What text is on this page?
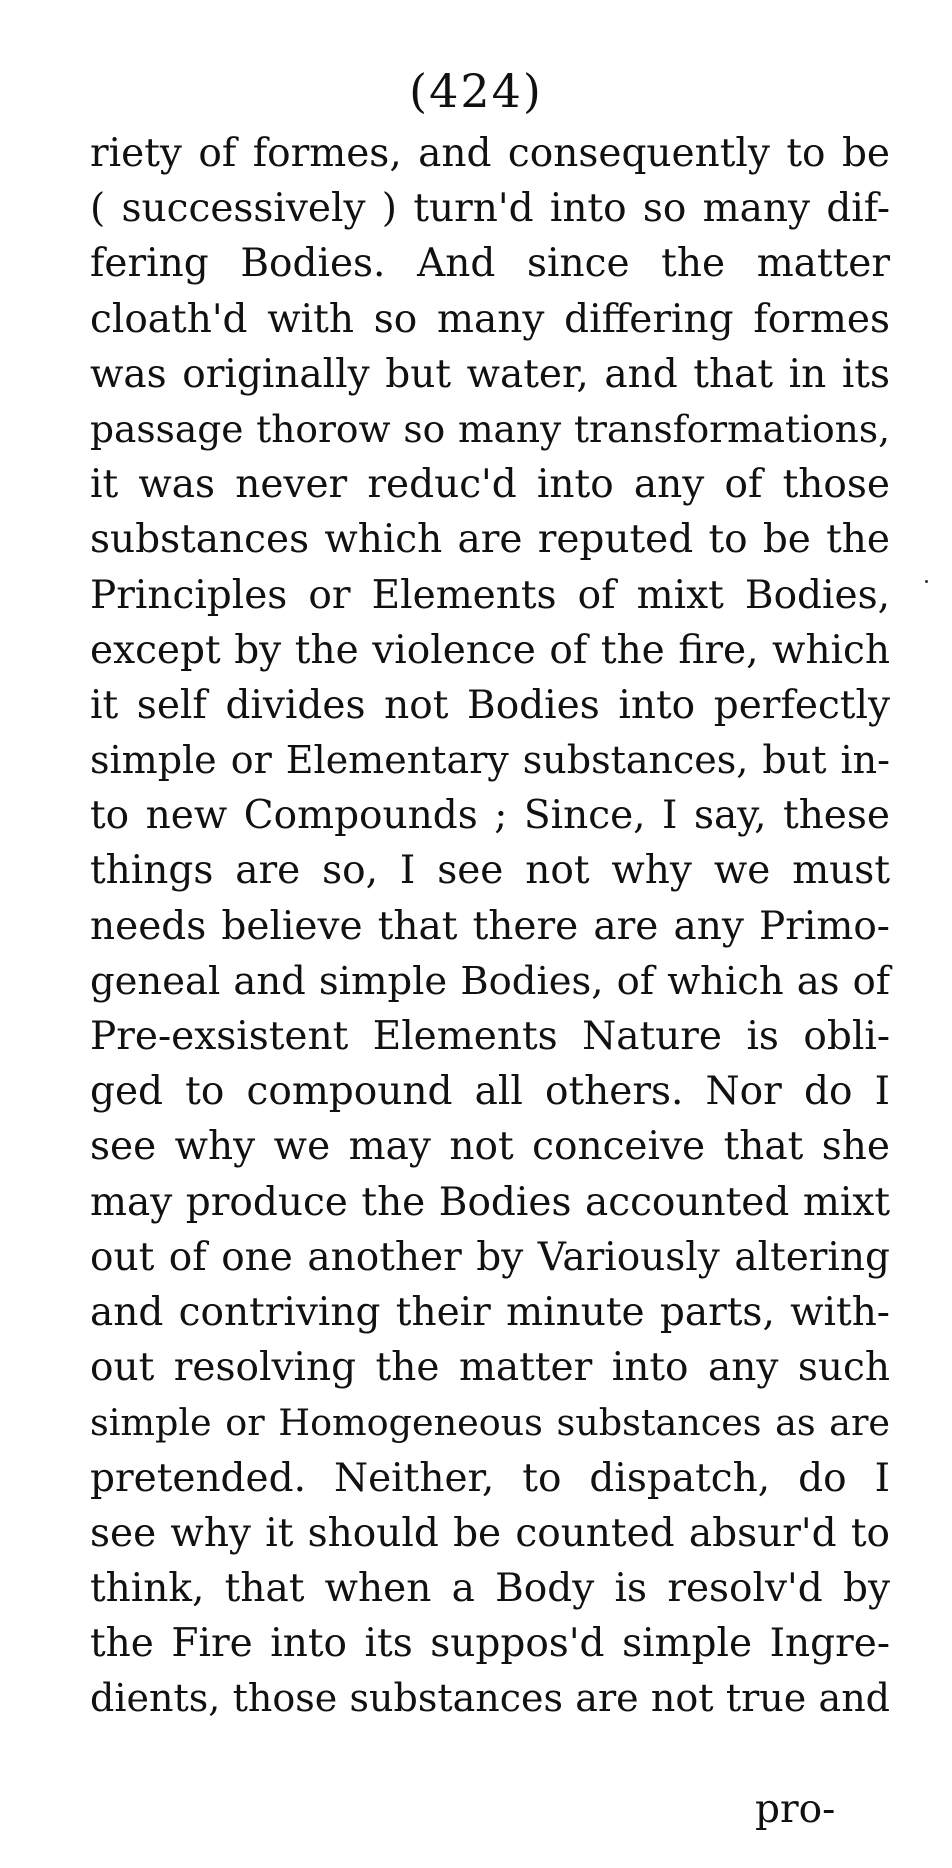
(424)
riety of formes, and consequently to be
( successively ) turn'd into so many dif-
fering Bodies. And since the matter
cloath'd with so many differing formes
was originally but water, and that in its
passage thorow so many transformations,
it was never reduc'd into any of those
substances which are reputed to be the
Principles or Elements of mixt Bodies,
except by the violence of the fire, which
it self divides not Bodies into perfectly
simple or Elementary substances, but in-
to new Compounds ; Since, I say, these
things are so, I see not why we must
needs believe that there are any Primo-
geneal and simple Bodies, of which as of
Pre-exsistent Elements Nature is obli-
ged to compound all others. Nor do I
see why we may not conceive that she
may produce the Bodies accounted mixt
out of one another by Variously altering
and contriving their minute parts, with-
out resolving the matter into any such
simple or Homogeneous substances as are
pretended. Neither, to dispatch, do I
see why it should be counted absur'd to
think, that when a Body is resolv'd by
the Fire into its suppos'd simple Ingre-
dients, those substances are not true and
pro-
